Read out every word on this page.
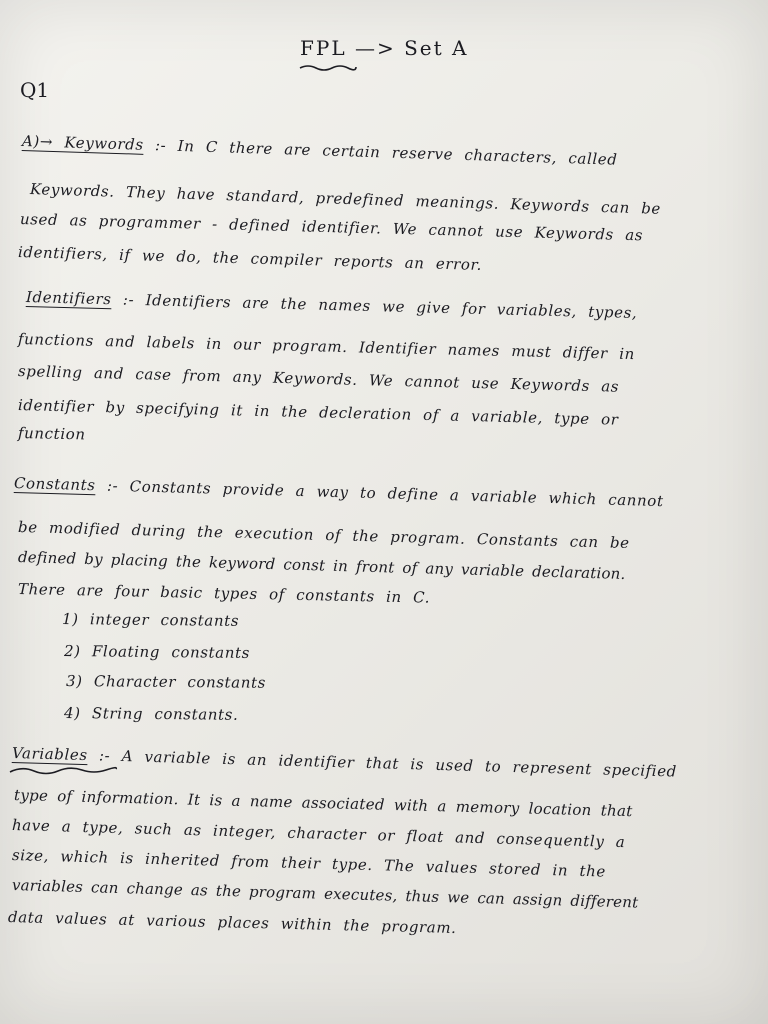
FPL —> Set A
Q1
A)→ Keywords :- In C there are certain reserve characters, called
Keywords. They have standard, predefined meanings. Keywords can be
used as programmer - defined identifier. We cannot use Keywords as
identifiers, if we do, the compiler reports an error.
Identifiers :- Identifiers are the names we give for variables, types,
functions and labels in our program. Identifier names must differ in
spelling and case from any Keywords. We cannot use Keywords as
identifier by specifying it in the decleration of a variable, type or
function
Constants :- Constants provide a way to define a variable which cannot
be modified during the execution of the program. Constants can be
defined by placing the keyword const in front of any variable declaration.
There are four basic types of constants in C.
1) integer constants
2) Floating constants
3) Character constants
4) String constants.
Variables :- A variable is an identifier that is used to represent specified
type of information. It is a name associated with a memory location that
have a type, such as integer, character or float and consequently a
size, which is inherited from their type. The values stored in the
variables can change as the program executes, thus we can assign different
data values at various places within the program.
